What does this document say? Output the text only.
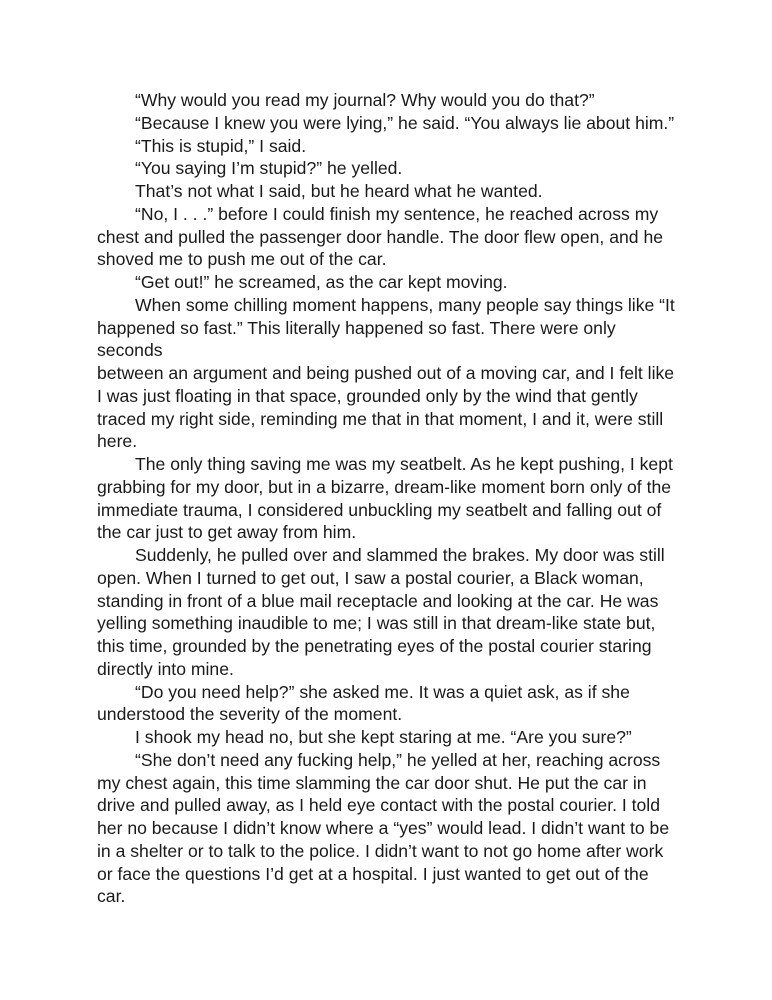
“Why would you read my journal? Why would you do that?”

“Because I knew you were lying,” he said. “You always lie about him.”

“This is stupid,” I said.

“You saying I’m stupid?” he yelled.

That’s not what I said, but he heard what he wanted.

“No, I . . .” before I could finish my sentence, he reached across my
chest and pulled the passenger door handle. The door flew open, and he
shoved me to push me out of the car.

“Get out!” he screamed, as the car kept moving.

When some chilling moment happens, many people say things like “It
happened so fast.” This literally happened so fast. There were only seconds
between an argument and being pushed out of a moving car, and I felt like
I was just floating in that space, grounded only by the wind that gently
traced my right side, reminding me that in that moment, I and it, were still
here.

The only thing saving me was my seatbelt. As he kept pushing, I kept
grabbing for my door, but in a bizarre, dream-like moment born only of the
immediate trauma, I considered unbuckling my seatbelt and falling out of
the car just to get away from him.

Suddenly, he pulled over and slammed the brakes. My door was still
open. When I turned to get out, I saw a postal courier, a Black woman,
standing in front of a blue mail receptacle and looking at the car. He was
yelling something inaudible to me; I was still in that dream-like state but,
this time, grounded by the penetrating eyes of the postal courier staring
directly into mine.

“Do you need help?” she asked me. It was a quiet ask, as if she
understood the severity of the moment.

I shook my head no, but she kept staring at me. “Are you sure?”

“She don’t need any fucking help,” he yelled at her, reaching across
my chest again, this time slamming the car door shut. He put the car in
drive and pulled away, as I held eye contact with the postal courier. I told
her no because I didn’t know where a “yes” would lead. I didn’t want to be
in a shelter or to talk to the police. I didn’t want to not go home after work
or face the questions I’d get at a hospital. I just wanted to get out of the
car.
